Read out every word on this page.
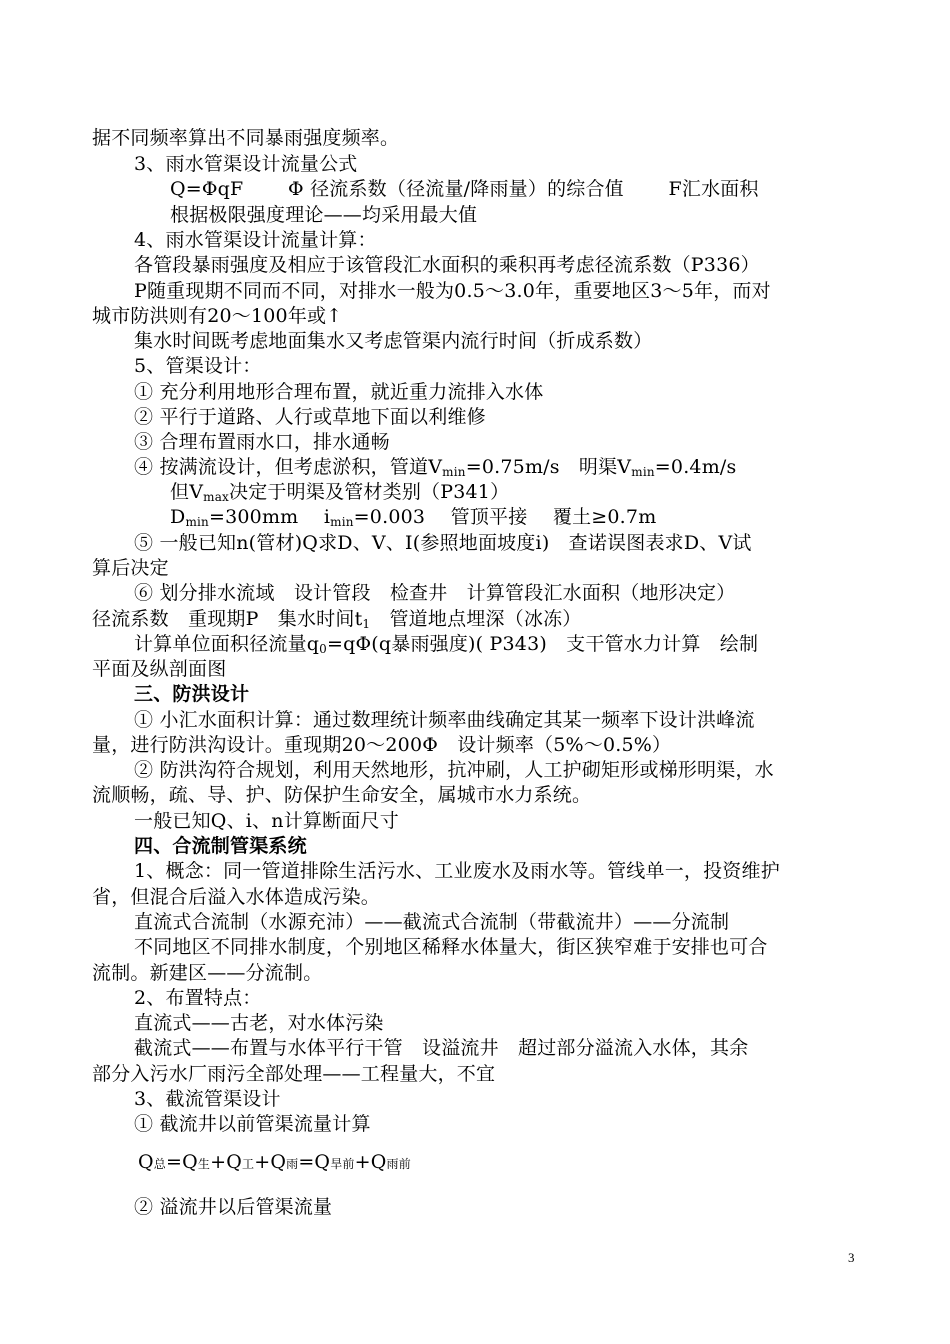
据不同频率算出不同暴雨强度频率。
3、雨水管渠设计流量公式
Q=ΦqF　　 Φ 径流系数（径流量/降雨量）的综合值　　 F汇水面积
根据极限强度理论——均采用最大值
4、雨水管渠设计流量计算：
各管段暴雨强度及相应于该管段汇水面积的乘积再考虑径流系数（P336）
P随重现期不同而不同，对排水一般为0.5～3.0年，重要地区3～5年，而对
城市防洪则有20～100年或↑
集水时间既考虑地面集水又考虑管渠内流行时间（折成系数）
5、管渠设计：
① 充分利用地形合理布置，就近重力流排入水体
② 平行于道路、人行或草地下面以利维修
③ 合理布置雨水口，排水通畅
④ 按满流设计，但考虑淤积，管道$V_{min}=0.75m/s$　明渠$V_{min}=0.4m/s$
但$V_{max}$决定于明渠及管材类别（P341）
$D_{min}=300mm$　 $i_{min}=0.003$　 管顶平接　 覆土≥0.7m
⑤ 一般已知n(管材)Q求D、V、I(参照地面坡度i)　查诺误图表求D、V试
算后决定
⑥ 划分排水流域　设计管段　检查井　计算管段汇水面积（地形决定）
径流系数　重现期P　集水时间$t_1$　管道地点埋深（冰冻）
计算单位面积径流量$q_0=q\Phi(q$暴雨强度)( P343)　支干管水力计算　绘制
平面及纵剖面图
三、防洪设计
① 小汇水面积计算：通过数理统计频率曲线确定其某一频率下设计洪峰流
量，进行防洪沟设计。重现期20～200Φ　设计频率（5%～0.5%）
② 防洪沟符合规划，利用天然地形，抗冲刷，人工护砌矩形或梯形明渠，水
流顺畅，疏、导、护、防保护生命安全，属城市水力系统。
一般已知Q、i、n计算断面尺寸
四、合流制管渠系统
1、概念：同一管道排除生活污水、工业废水及雨水等。管线单一，投资维护
省，但混合后溢入水体造成污染。
直流式合流制（水源充沛）——截流式合流制（带截流井）——分流制
不同地区不同排水制度，个别地区稀释水体量大，街区狭窄难于安排也可合
流制。新建区——分流制。
2、布置特点：
直流式——古老，对水体污染
截流式——布置与水体平行干管　设溢流井　超过部分溢流入水体，其余
部分入污水厂雨污全部处理——工程量大，不宜
3、截流管渠设计
① 截流井以前管渠流量计算
Q总=Q生+Q工+Q雨=Q旱前+Q雨前
② 溢流井以后管渠流量
3
